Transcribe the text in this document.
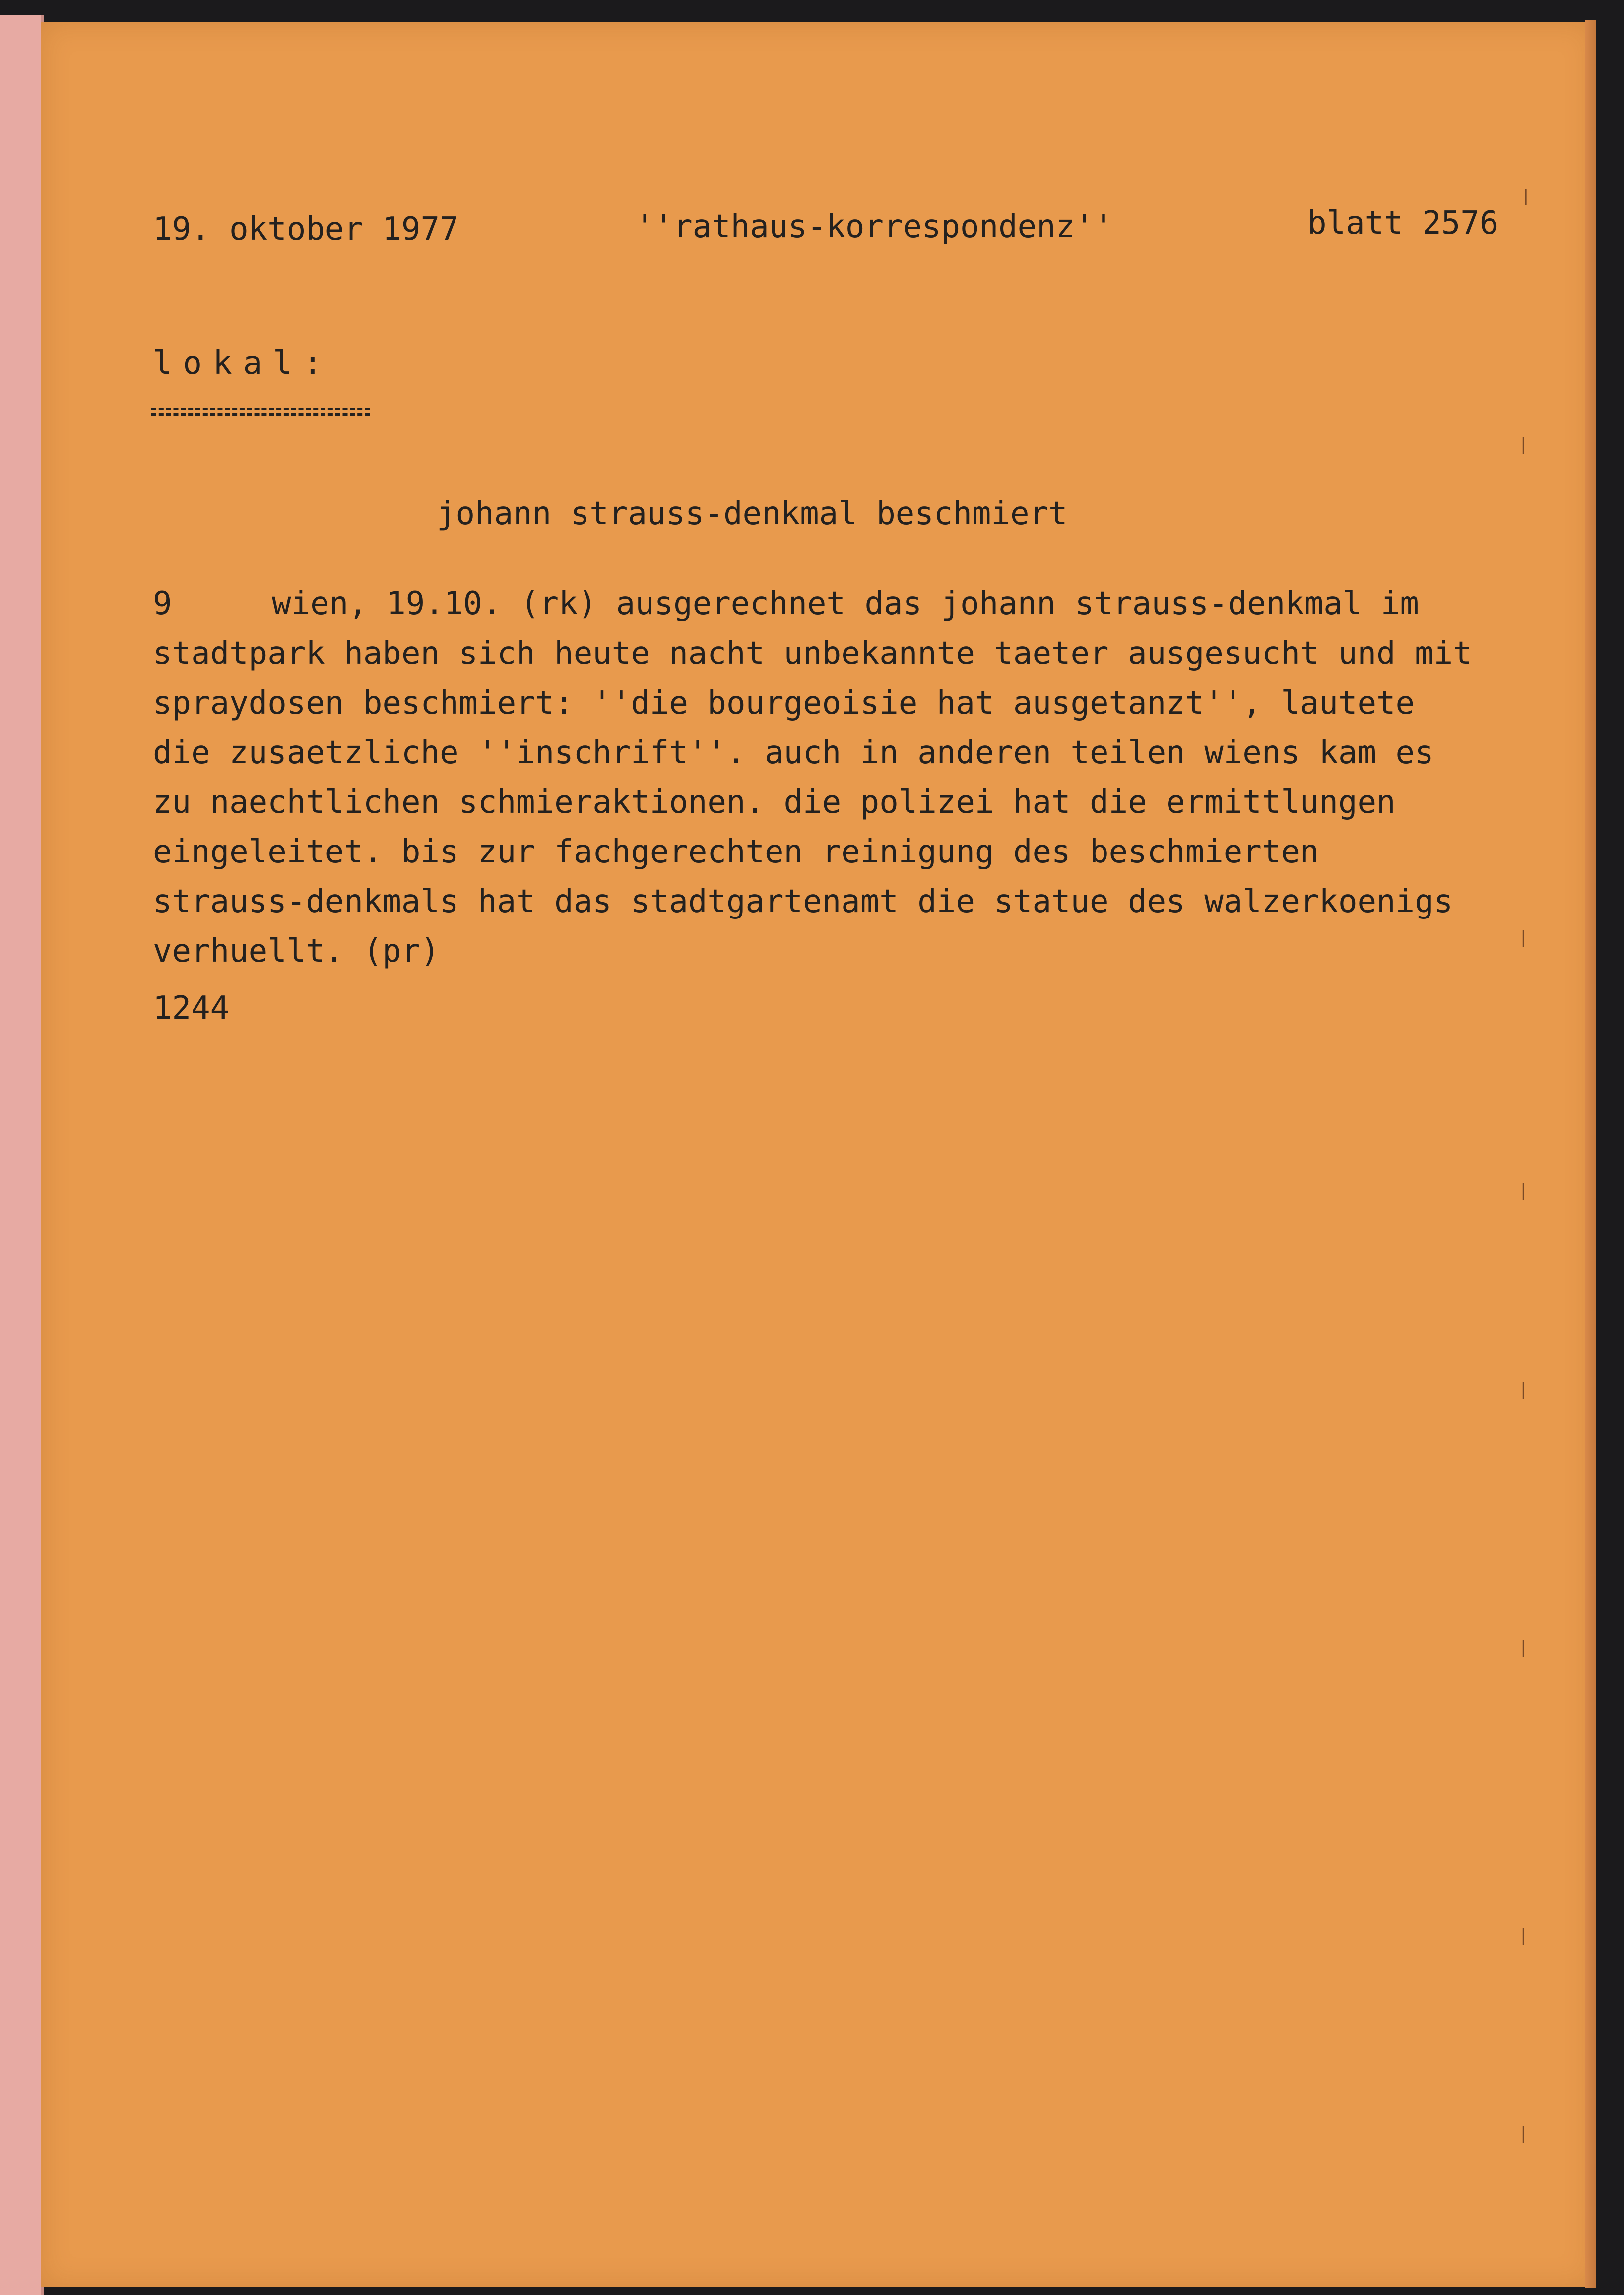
19. oktober 1977	''rathaus-korrespondenz''	blatt 2576
lokal:
johann strauss-denkmal beschmiert
9	wien, 19.10. (rk) ausgerechnet das johann strauss-denkmal im
stadtpark haben sich heute nacht unbekannte taeter ausgesucht und mit
spraydosen beschmiert: ''die bourgeoisie hat ausgetanzt'', lautete
die zusaetzliche ''inschrift''. auch in anderen teilen wiens kam es
zu naechtlichen schmieraktionen. die polizei hat die ermittlungen
eingeleitet. bis zur fachgerechten reinigung des beschmierten
strauss-denkmals hat das stadtgartenamt die statue des walzerkoenigs
verhuellt. (pr)
1244
|
|
|
|
|
|
|
|
